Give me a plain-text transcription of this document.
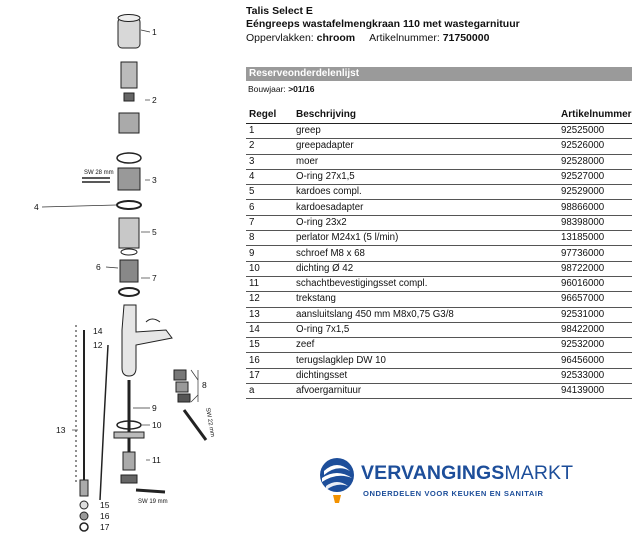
1
2
3
4
5
6
7
8
9
10
11
12
13
14
15
16
17
SW 28 mm
SW 22 mm
SW 19 mm
Talis Select E
Eéngreeps wastafelmengkraan 110 met wastegarnituur
Oppervlakken: chroom Artikelnummer: 71750000
Reserveonderdelenlijst
Bouwjaar: >01/16
Regel	Beschrijving	Artikelnummer
1	greep	92525000
2	greepadapter	92526000
3	moer	92528000
4	O-ring 27x1,5	92527000
5	kardoes compl.	92529000
6	kardoesadapter	98866000
7	O-ring 23x2	98398000
8	perlator M24x1 (5 l/min)	13185000
9	schroef M8 x 68	97736000
10	dichting Ø 42	98722000
11	schachtbevestigingsset compl.	96016000
12	trekstang	96657000
13	aansluitslang 450 mm M8x0,75 G3/8	92531000
14	O-ring 7x1,5	98422000
15	zeef	92532000
16	terugslagklep DW 10	96456000
17	dichtingsset	92533000
a	afvoergarnituur	94139000
VERVANGINGSMARKT
ONDERDELEN VOOR KEUKEN EN SANITAIR
